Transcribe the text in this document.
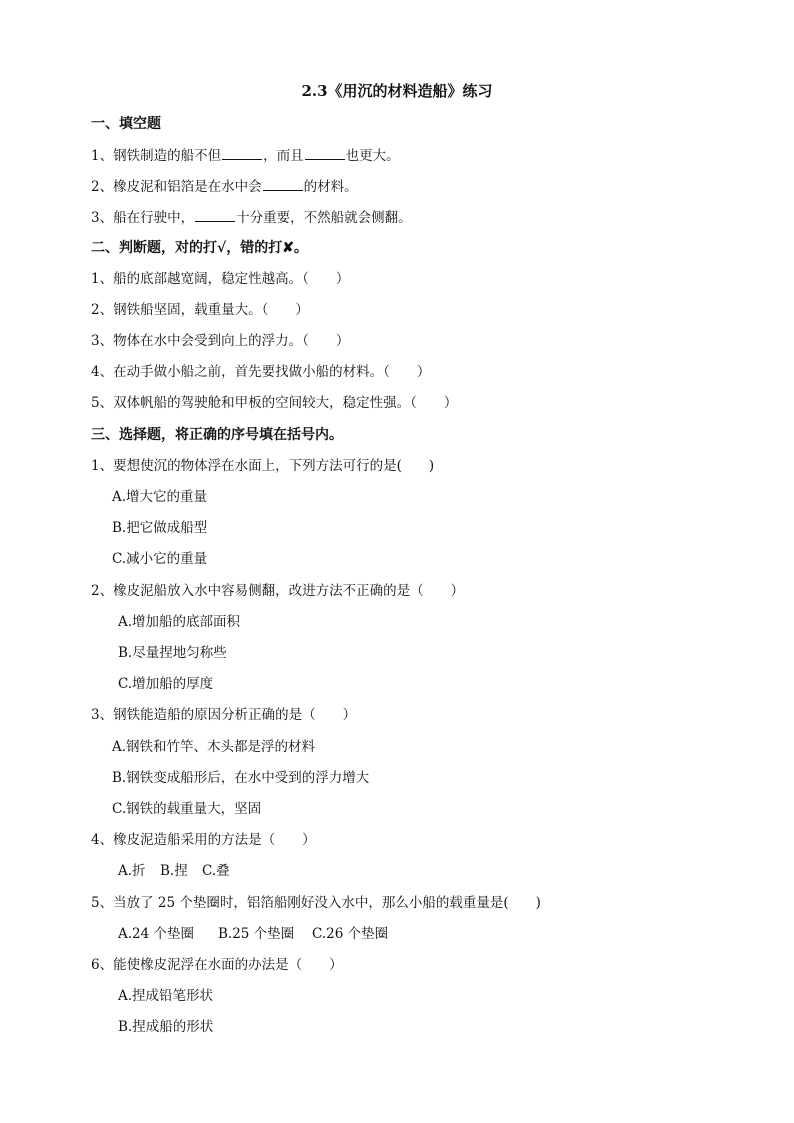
2.3《用沉的材料造船》练习
一、填空题
1、钢铁制造的船不但	，而且	也更大。
2、橡皮泥和铝箔是在水中会	的材料。
3、船在行驶中，	十分重要，不然船就会侧翻。
二、判断题，对的打√，错的打✘。
1、船的底部越宽阔，稳定性越高。（　　）
2、钢铁船坚固，载重量大。（　　）
3、物体在水中会受到向上的浮力。（　　）
4、在动手做小船之前，首先要找做小船的材料。（　　）
5、双体帆船的驾驶舱和甲板的空间较大，稳定性强。（　　）
三、选择题，将正确的序号填在括号内。
1、要想使沉的物体浮在水面上，下列方法可行的是(　　)
A.增大它的重量
B.把它做成船型
C.减小它的重量
2、橡皮泥船放入水中容易侧翻，改进方法不正确的是（　　）
A.增加船的底部面积
B.尽量捏地匀称些
C.增加船的厚度
3、钢铁能造船的原因分析正确的是（　　）
A.钢铁和竹竿、木头都是浮的材料
B.钢铁变成船形后，在水中受到的浮力增大
C.钢铁的载重量大，坚固
4、橡皮泥造船采用的方法是（　　）
A.折 B.捏 C.叠
5、当放了 25 个垫圈时，铝箔船刚好没入水中，那么小船的载重量是(　　)
A.24 个垫圈 B.25 个垫圈 C.26 个垫圈
6、能使橡皮泥浮在水面的办法是（　　）
A.捏成铅笔形状
B.捏成船的形状
